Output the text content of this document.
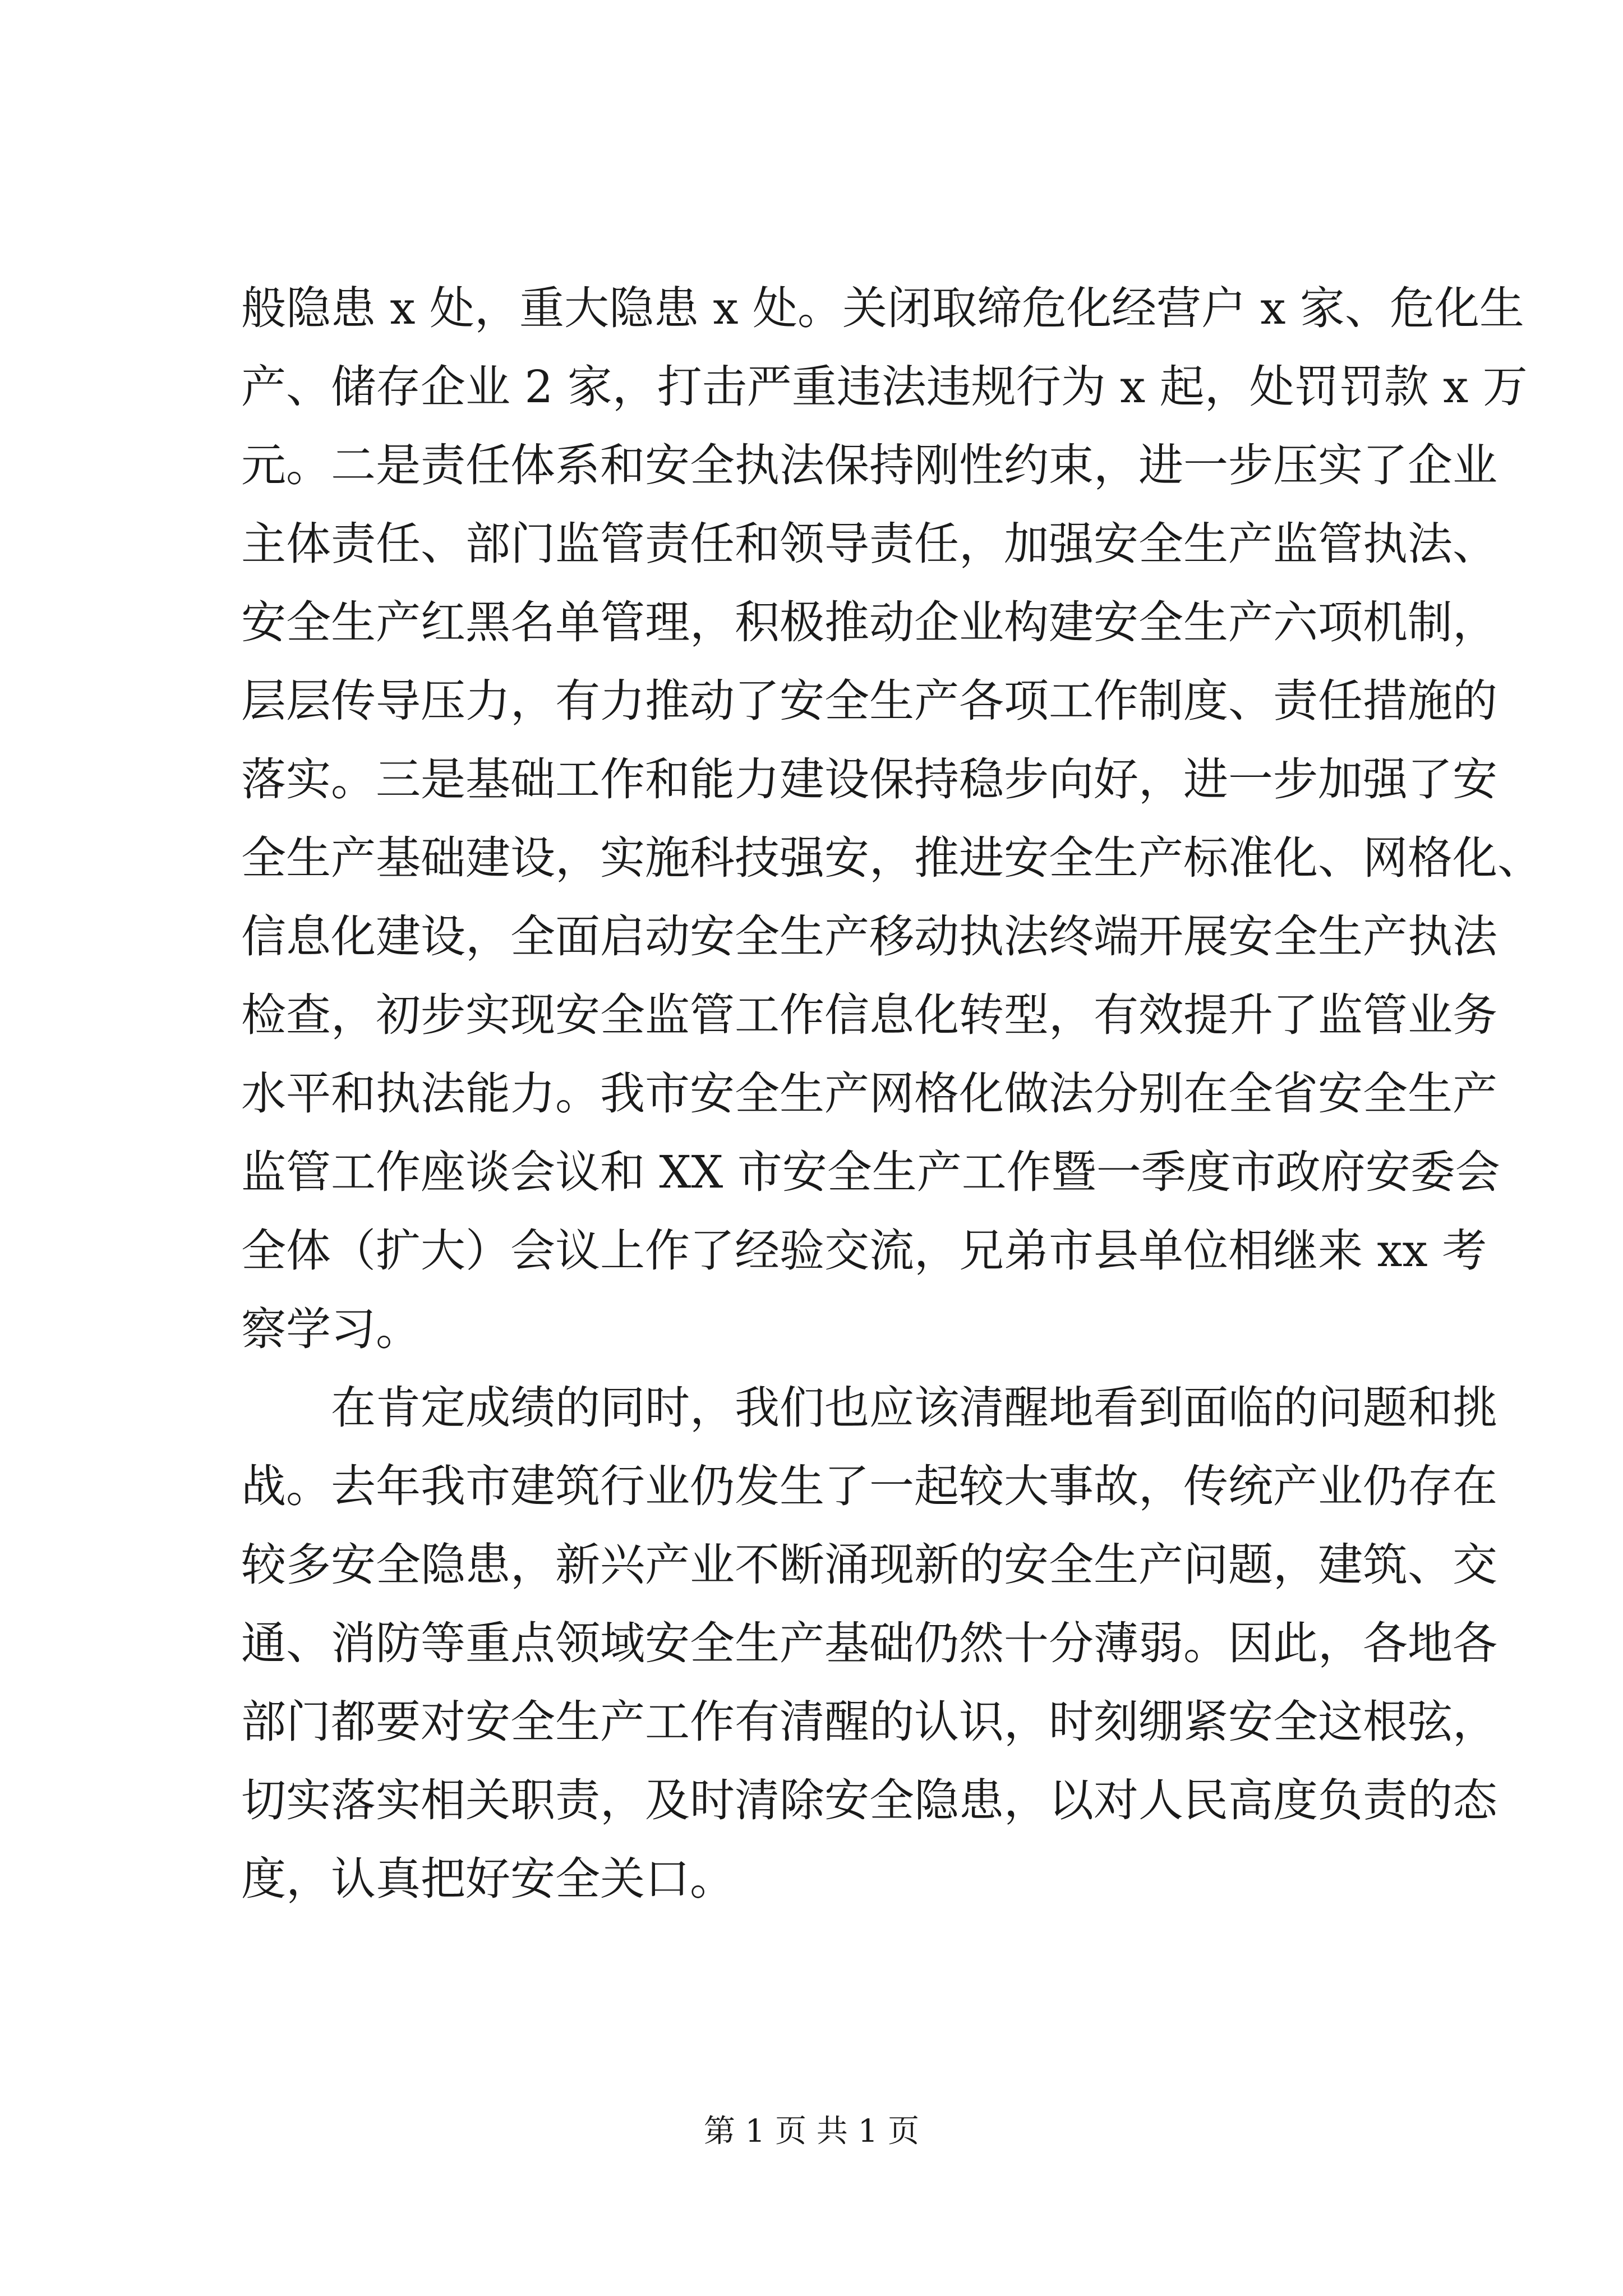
般隐患 x 处，重大隐患 x 处。关闭取缔危化经营户 x 家、危化生
产、储存企业 2 家，打击严重违法违规行为 x 起，处罚罚款 x 万
元。二是责任体系和安全执法保持刚性约束，进一步压实了企业
主体责任、部门监管责任和领导责任，加强安全生产监管执法、
安全生产红黑名单管理，积极推动企业构建安全生产六项机制，
层层传导压力，有力推动了安全生产各项工作制度、责任措施的
落实。三是基础工作和能力建设保持稳步向好，进一步加强了安
全生产基础建设，实施科技强安，推进安全生产标准化、网格化、
信息化建设，全面启动安全生产移动执法终端开展安全生产执法
检查，初步实现安全监管工作信息化转型，有效提升了监管业务
水平和执法能力。我市安全生产网格化做法分别在全省安全生产
监管工作座谈会议和 XX 市安全生产工作暨一季度市政府安委会
全体（扩大）会议上作了经验交流，兄弟市县单位相继来 xx 考
察学习。
在肯定成绩的同时，我们也应该清醒地看到面临的问题和挑
战。去年我市建筑行业仍发生了一起较大事故，传统产业仍存在
较多安全隐患，新兴产业不断涌现新的安全生产问题，建筑、交
通、消防等重点领域安全生产基础仍然十分薄弱。因此，各地各
部门都要对安全生产工作有清醒的认识，时刻绷紧安全这根弦，
切实落实相关职责，及时清除安全隐患，以对人民高度负责的态
度，认真把好安全关口。
第 1 页 共 1 页
